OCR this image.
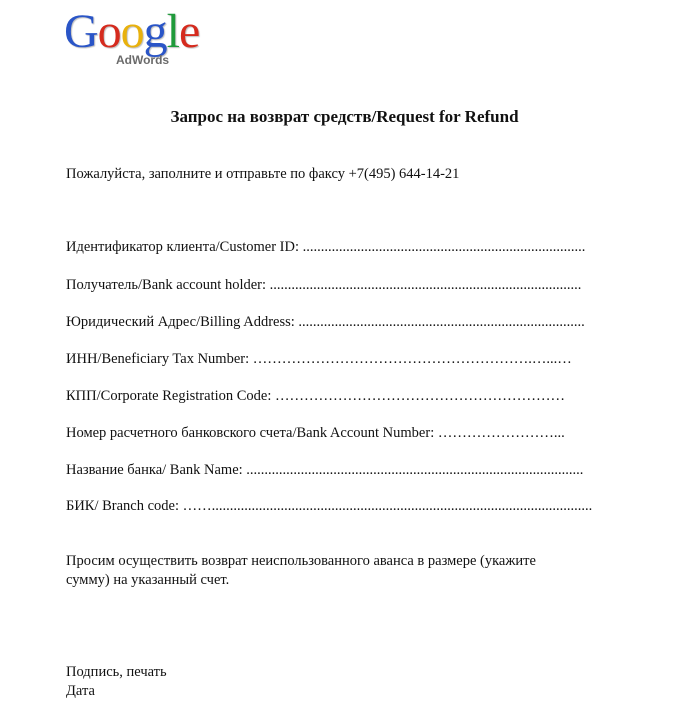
Google
AdWords
Запрос на возврат средств/Request for Refund
Пожалуйста, заполните и отправьте по факсу +7(495) 644-14-21
Идентификатор клиента/Customer ID: ..............................................................................
Получатель/Bank account holder: ......................................................................................
Юридический Адрес/Billing Address: ...............................................................................
ИНН/Beneficiary Tax Number: ………………………………………………….…...…
КПП/Corporate Registration Code: ……………………………………………………
Номер расчетного банковского счета/Bank Account Number: ……………………...
Название банка/ Bank Name: .............................................................................................
БИК/ Branch code: …….........................................................................................................
Просим осуществить возврат неиспользованного аванса в размере (укажите
сумму) на указанный счет.
Подпись, печать
Дата
